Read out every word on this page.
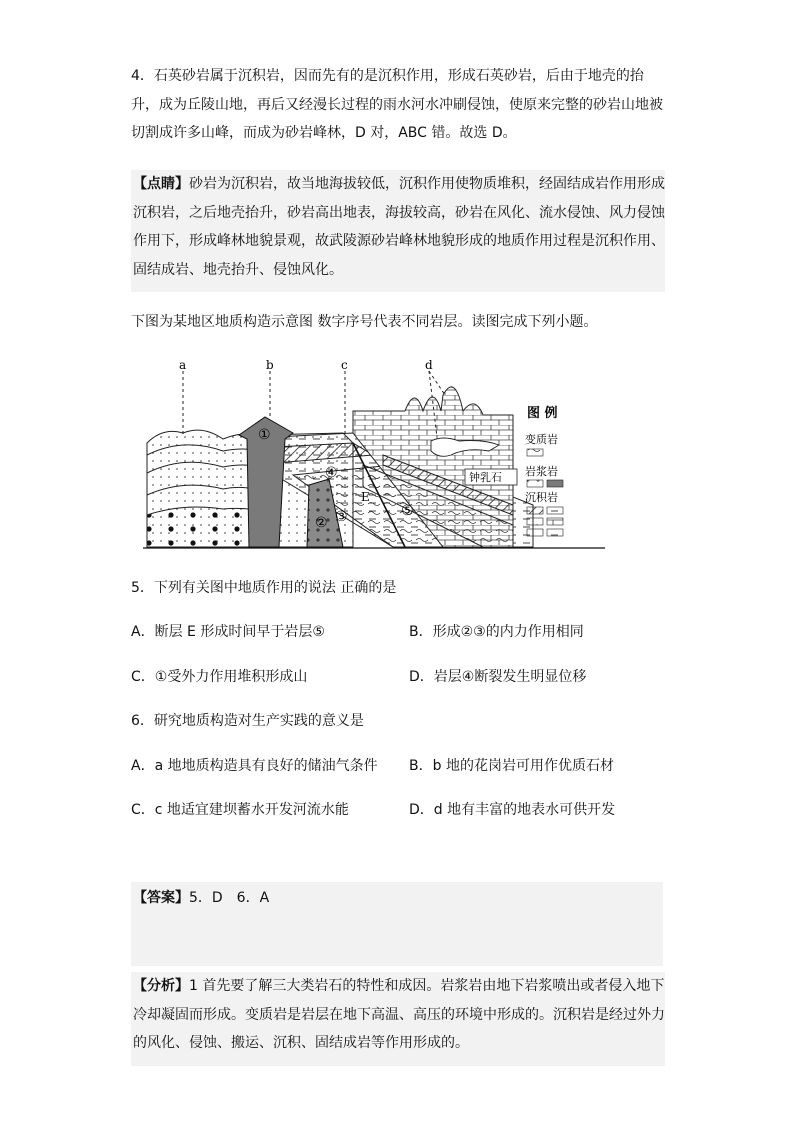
4．石英砂岩属于沉积岩，因而先有的是沉积作用，形成石英砂岩，后由于地壳的抬升，成为丘陵山地，再后又经漫长过程的雨水河水冲刷侵蚀，使原来完整的砂岩山地被切割成许多山峰，而成为砂岩峰林，D 对，ABC 错。故选 D。
【点睛】砂岩为沉积岩，故当地海拔较低，沉积作用使物质堆积，经固结成岩作用形成沉积岩，之后地壳抬升，砂岩高出地表，海拔较高，砂岩在风化、流水侵蚀、风力侵蚀作用下，形成峰林地貌景观，故武陵源砂岩峰林地貌形成的地质作用过程是沉积作用、固结成岩、地壳抬升、侵蚀风化。
下图为某地区地质构造示意图 数字序号代表不同岩层。读图完成下列小题。
a	b	c	d
E
①
② ③
④
⑤
钟乳石
图 例
变质岩
岩浆岩
沉积岩
5．下列有关图中地质作用的说法 正确的是
A．断层 E 形成时间早于岩层⑤	B．形成②③的内力作用相同
C．①受外力作用堆积形成山	D．岩层④断裂发生明显位移
6．研究地质构造对生产实践的意义是
A．a 地地质构造具有良好的储油气条件 B．b 地的花岗岩可用作优质石材
C．c 地适宜建坝蓄水开发河流水能	D．d 地有丰富的地表水可供开发
【答案】5．D　6．A
【分析】1 首先要了解三大类岩石的特性和成因。岩浆岩由地下岩浆喷出或者侵入地下冷却凝固而形成。变质岩是岩层在地下高温、高压的环境中形成的。沉积岩是经过外力的风化、侵蚀、搬运、沉积、固结成岩等作用形成的。
